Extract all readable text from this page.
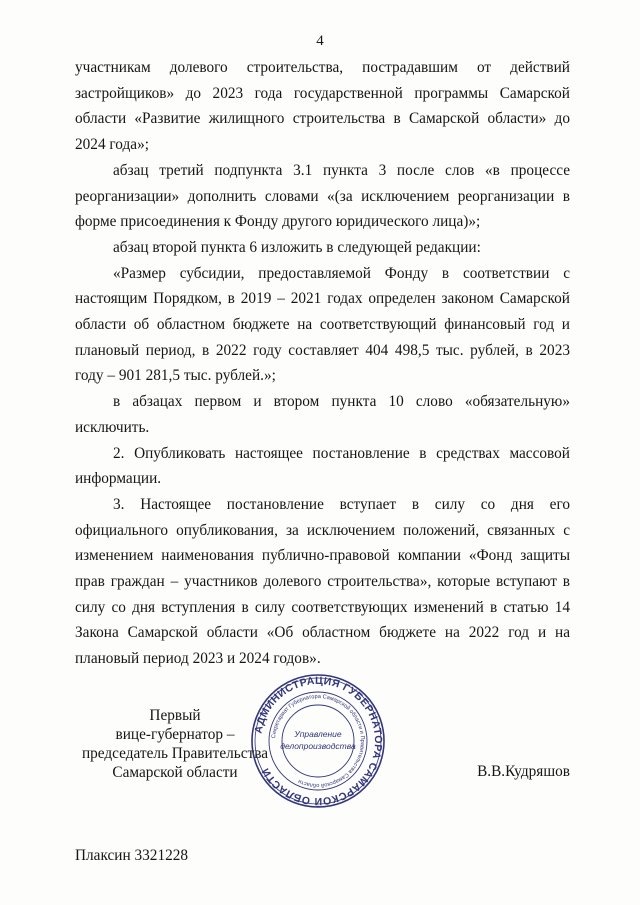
4

участникам долевого строительства, пострадавшим от действий застройщиков» до 2023 года государственной программы Самарской области «Развитие жилищного строительства в Самарской области» до 2024 года»;

абзац третий подпункта 3.1 пункта 3 после слов «в процессе реорганизации» дополнить словами «(за исключением реорганизации в форме присоединения к Фонду другого юридического лица)»;

абзац второй пункта 6 изложить в следующей редакции:

«Размер субсидии, предоставляемой Фонду в соответствии с настоящим Порядком, в 2019 – 2021 годах определен законом Самарской области об областном бюджете на соответствующий финансовый год и плановый период, в 2022 году составляет 404 498,5 тыс. рублей, в 2023 году – 901 281,5 тыс. рублей.»;

в абзацах первом и втором пункта 10 слово «обязательную» исключить.

2. Опубликовать настоящее постановление в средствах массовой информации.

3. Настоящее постановление вступает в силу со дня его официального опубликования, за исключением положений, связанных с изменением наименования публично-правовой компании «Фонд защиты прав граждан – участников долевого строительства», которые вступают в силу со дня вступления в силу соответствующих изменений в статью 14 Закона Самарской области «Об областном бюджете на 2022 год и на плановый период 2023 и 2024 годов».

Первый
вице-губернатор –
председатель Правительства
Самарской области
АДМИНИСТРАЦИЯ ГУБЕРНАТОРА САМАРСКОЙ ОБЛАСТИ
Секретариат Губернатора Самарской области и Правительства Самарской области
Управление
делопроизводства
В.В.Кудряшов
Плаксин 3321228
